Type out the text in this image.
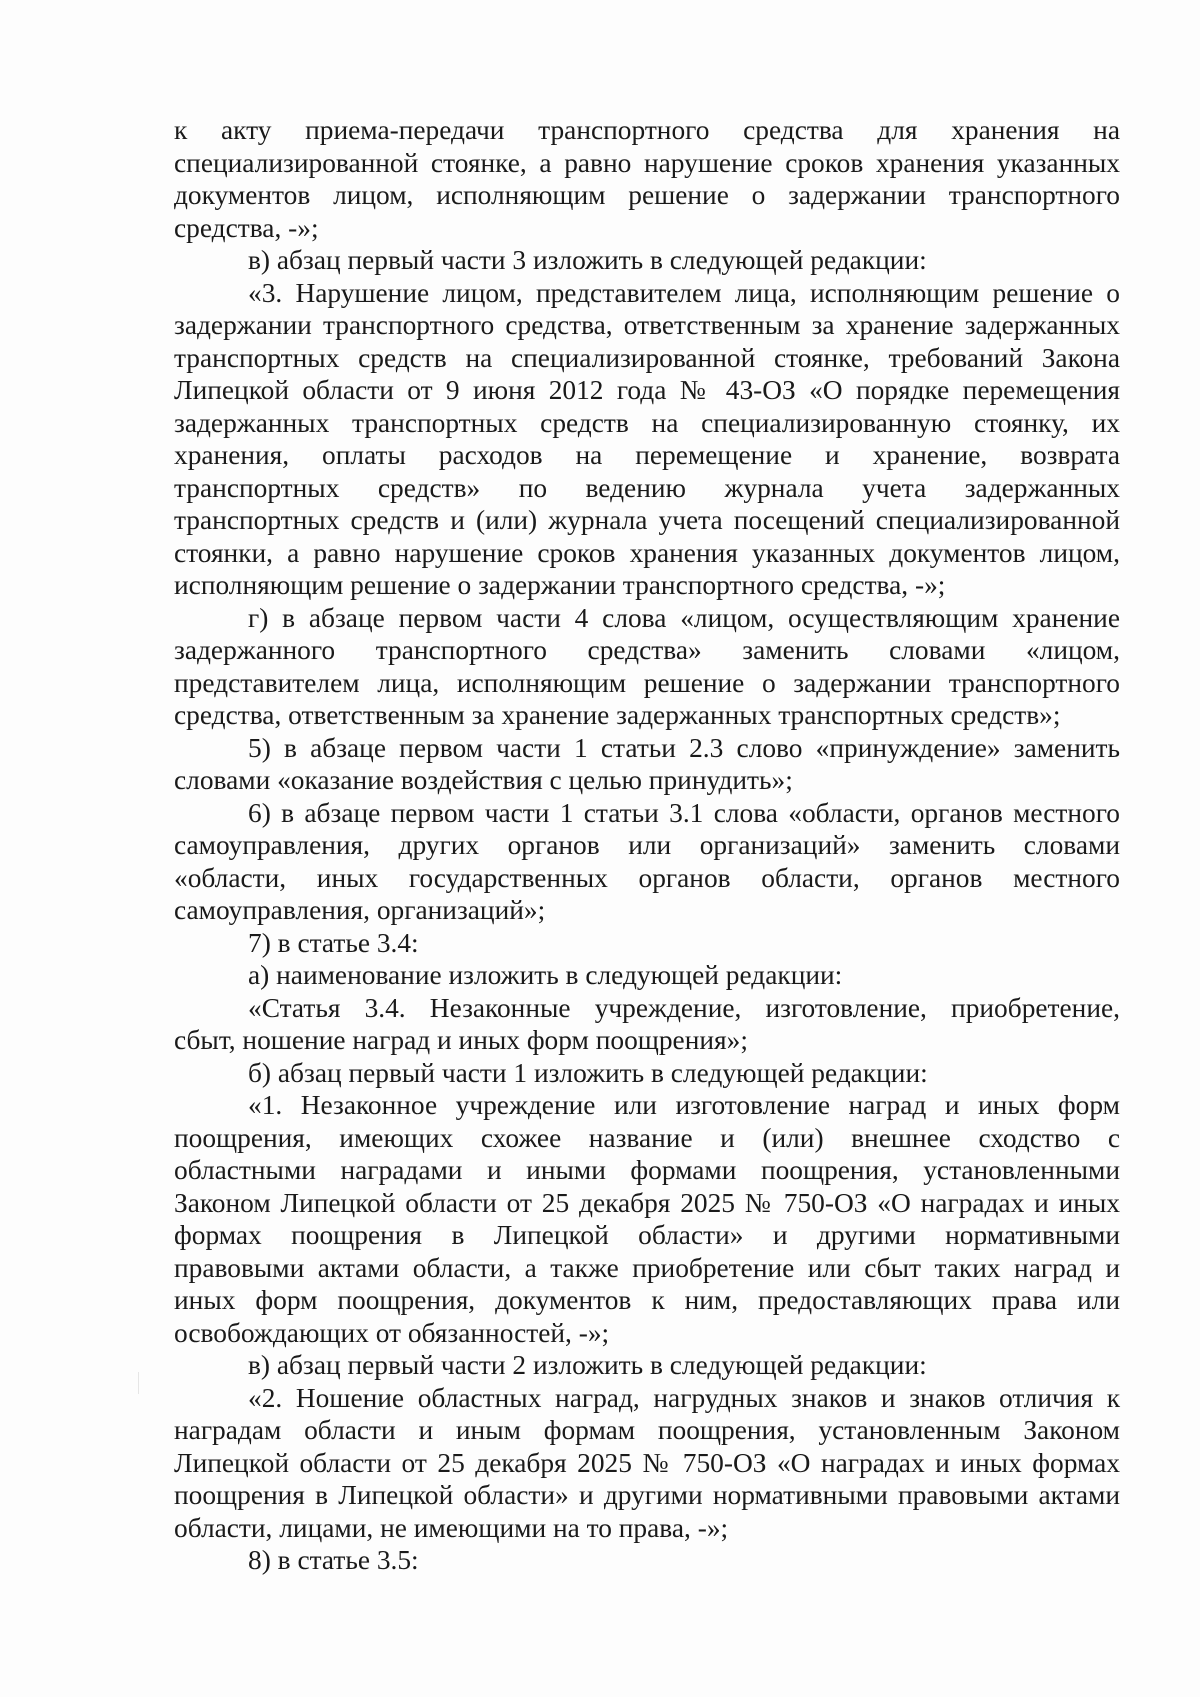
к акту приема-передачи транспортного средства для хранения на
специализированной стоянке, а равно нарушение сроков хранения указанных
документов лицом, исполняющим решение о задержании транспортного
средства, -»;
в) абзац первый части 3 изложить в следующей редакции:
«3. Нарушение лицом, представителем лица, исполняющим решение о
задержании транспортного средства, ответственным за хранение задержанных
транспортных средств на специализированной стоянке, требований Закона
Липецкой области от 9 июня 2012 года № 43-ОЗ «О порядке перемещения
задержанных транспортных средств на специализированную стоянку, их
хранения, оплаты расходов на перемещение и хранение, возврата
транспортных средств» по ведению журнала учета задержанных
транспортных средств и (или) журнала учета посещений специализированной
стоянки, а равно нарушение сроков хранения указанных документов лицом,
исполняющим решение о задержании транспортного средства, -»;
г) в абзаце первом части 4 слова «лицом, осуществляющим хранение
задержанного транспортного средства» заменить словами «лицом,
представителем лица, исполняющим решение о задержании транспортного
средства, ответственным за хранение задержанных транспортных средств»;
5) в абзаце первом части 1 статьи 2.3 слово «принуждение» заменить
словами «оказание воздействия с целью принудить»;
6) в абзаце первом части 1 статьи 3.1 слова «области, органов местного
самоуправления, других органов или организаций» заменить словами
«области, иных государственных органов области, органов местного
самоуправления, организаций»;
7) в статье 3.4:
а) наименование изложить в следующей редакции:
«Статья 3.4. Незаконные учреждение, изготовление, приобретение,
сбыт, ношение наград и иных форм поощрения»;
б) абзац первый части 1 изложить в следующей редакции:
«1. Незаконное учреждение или изготовление наград и иных форм
поощрения, имеющих схожее название и (или) внешнее сходство с
областными наградами и иными формами поощрения, установленными
Законом Липецкой области от 25 декабря 2025 № 750-ОЗ «О наградах и иных
формах поощрения в Липецкой области» и другими нормативными
правовыми актами области, а также приобретение или сбыт таких наград и
иных форм поощрения, документов к ним, предоставляющих права или
освобождающих от обязанностей, -»;
в) абзац первый части 2 изложить в следующей редакции:
«2. Ношение областных наград, нагрудных знаков и знаков отличия к
наградам области и иным формам поощрения, установленным Законом
Липецкой области от 25 декабря 2025 № 750-ОЗ «О наградах и иных формах
поощрения в Липецкой области» и другими нормативными правовыми актами
области, лицами, не имеющими на то права, -»;
8) в статье 3.5:
